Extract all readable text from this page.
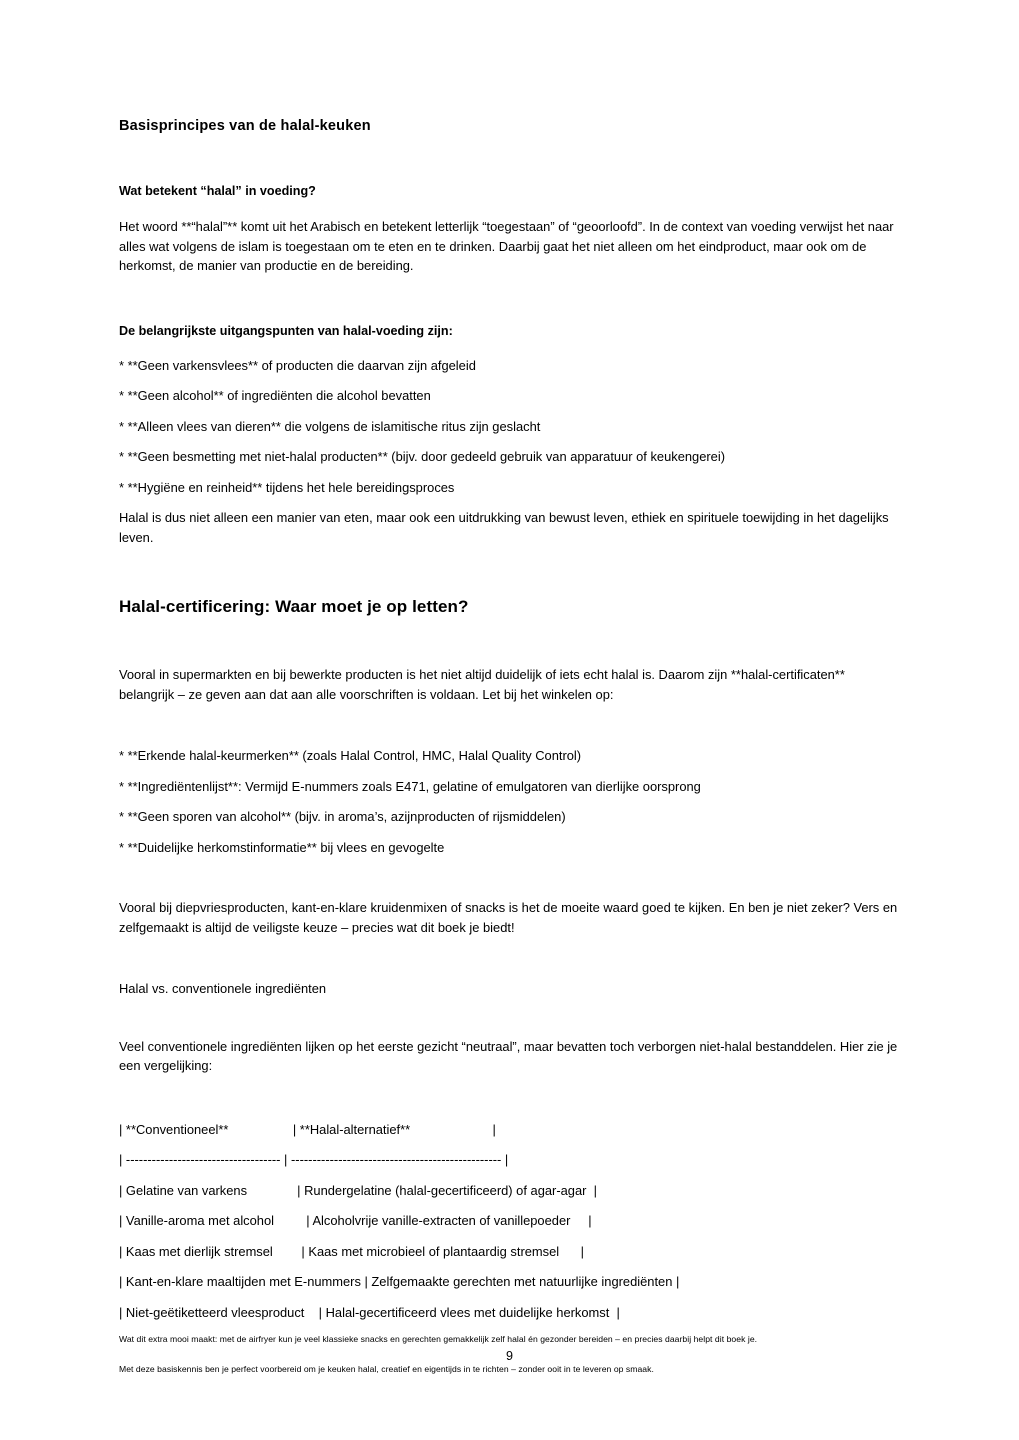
Basisprincipes van de halal-keuken
Wat betekent “halal” in voeding?

Het woord **“halal”** komt uit het Arabisch en betekent letterlijk “toegestaan” of “geoorloofd”. In de context van voeding verwijst het naar alles wat volgens de islam is toegestaan om te eten en te drinken. Daarbij gaat het niet alleen om het eindproduct, maar ook om de herkomst, de manier van productie en de bereiding.

De belangrijkste uitgangspunten van halal-voeding zijn:

* **Geen varkensvlees** of producten die daarvan zijn afgeleid

* **Geen alcohol** of ingrediënten die alcohol bevatten

* **Alleen vlees van dieren** die volgens de islamitische ritus zijn geslacht

* **Geen besmetting met niet-halal producten** (bijv. door gedeeld gebruik van apparatuur of keukengerei)

* **Hygiëne en reinheid** tijdens het hele bereidingsproces

Halal is dus niet alleen een manier van eten, maar ook een uitdrukking van bewust leven, ethiek en spirituele toewijding in het dagelijks leven.

Halal-certificering: Waar moet je op letten?

Vooral in supermarkten en bij bewerkte producten is het niet altijd duidelijk of iets echt halal is. Daarom zijn **halal-certificaten** belangrijk – ze geven aan dat aan alle voorschriften is voldaan. Let bij het winkelen op:

* **Erkende halal-keurmerken** (zoals Halal Control, HMC, Halal Quality Control)

* **Ingrediëntenlijst**: Vermijd E-nummers zoals E471, gelatine of emulgatoren van dierlijke oorsprong

* **Geen sporen van alcohol** (bijv. in aroma’s, azijnproducten of rijsmiddelen)

* **Duidelijke herkomstinformatie** bij vlees en gevogelte

Vooral bij diepvriesproducten, kant-en-klare kruidenmixen of snacks is het de moeite waard goed te kijken. En ben je niet zeker? Vers en zelfgemaakt is altijd de veiligste keuze – precies wat dit boek je biedt!

Halal vs. conventionele ingrediënten

Veel conventionele ingrediënten lijken op het eerste gezicht “neutraal”, maar bevatten toch verborgen niet-halal bestanddelen. Hier zie je een vergelijking:

| **Conventioneel**                  | **Halal-alternatief**                       |
| ------------------------------------ | ------------------------------------------------- |
| Gelatine van varkens              | Rundergelatine (halal-gecertificeerd) of agar-agar  |
| Vanille-aroma met alcohol         | Alcoholvrije vanille-extracten of vanillepoeder     |
| Kaas met dierlijk stremsel        | Kaas met microbieel of plantaardig stremsel      |
| Kant-en-klare maaltijden met E-nummers | Zelfgemaakte gerechten met natuurlijke ingrediënten |
| Niet-geëtiketteerd vleesproduct    | Halal-gecertificeerd vlees met duidelijke herkomst  |

Wat dit extra mooi maakt: met de airfryer kun je veel klassieke snacks en gerechten gemakkelijk zelf halal én gezonder bereiden – en precies daarbij helpt dit boek je.

Met deze basiskennis ben je perfect voorbereid om je keuken halal, creatief en eigentijds in te richten – zonder ooit in te leveren op smaak.

9
